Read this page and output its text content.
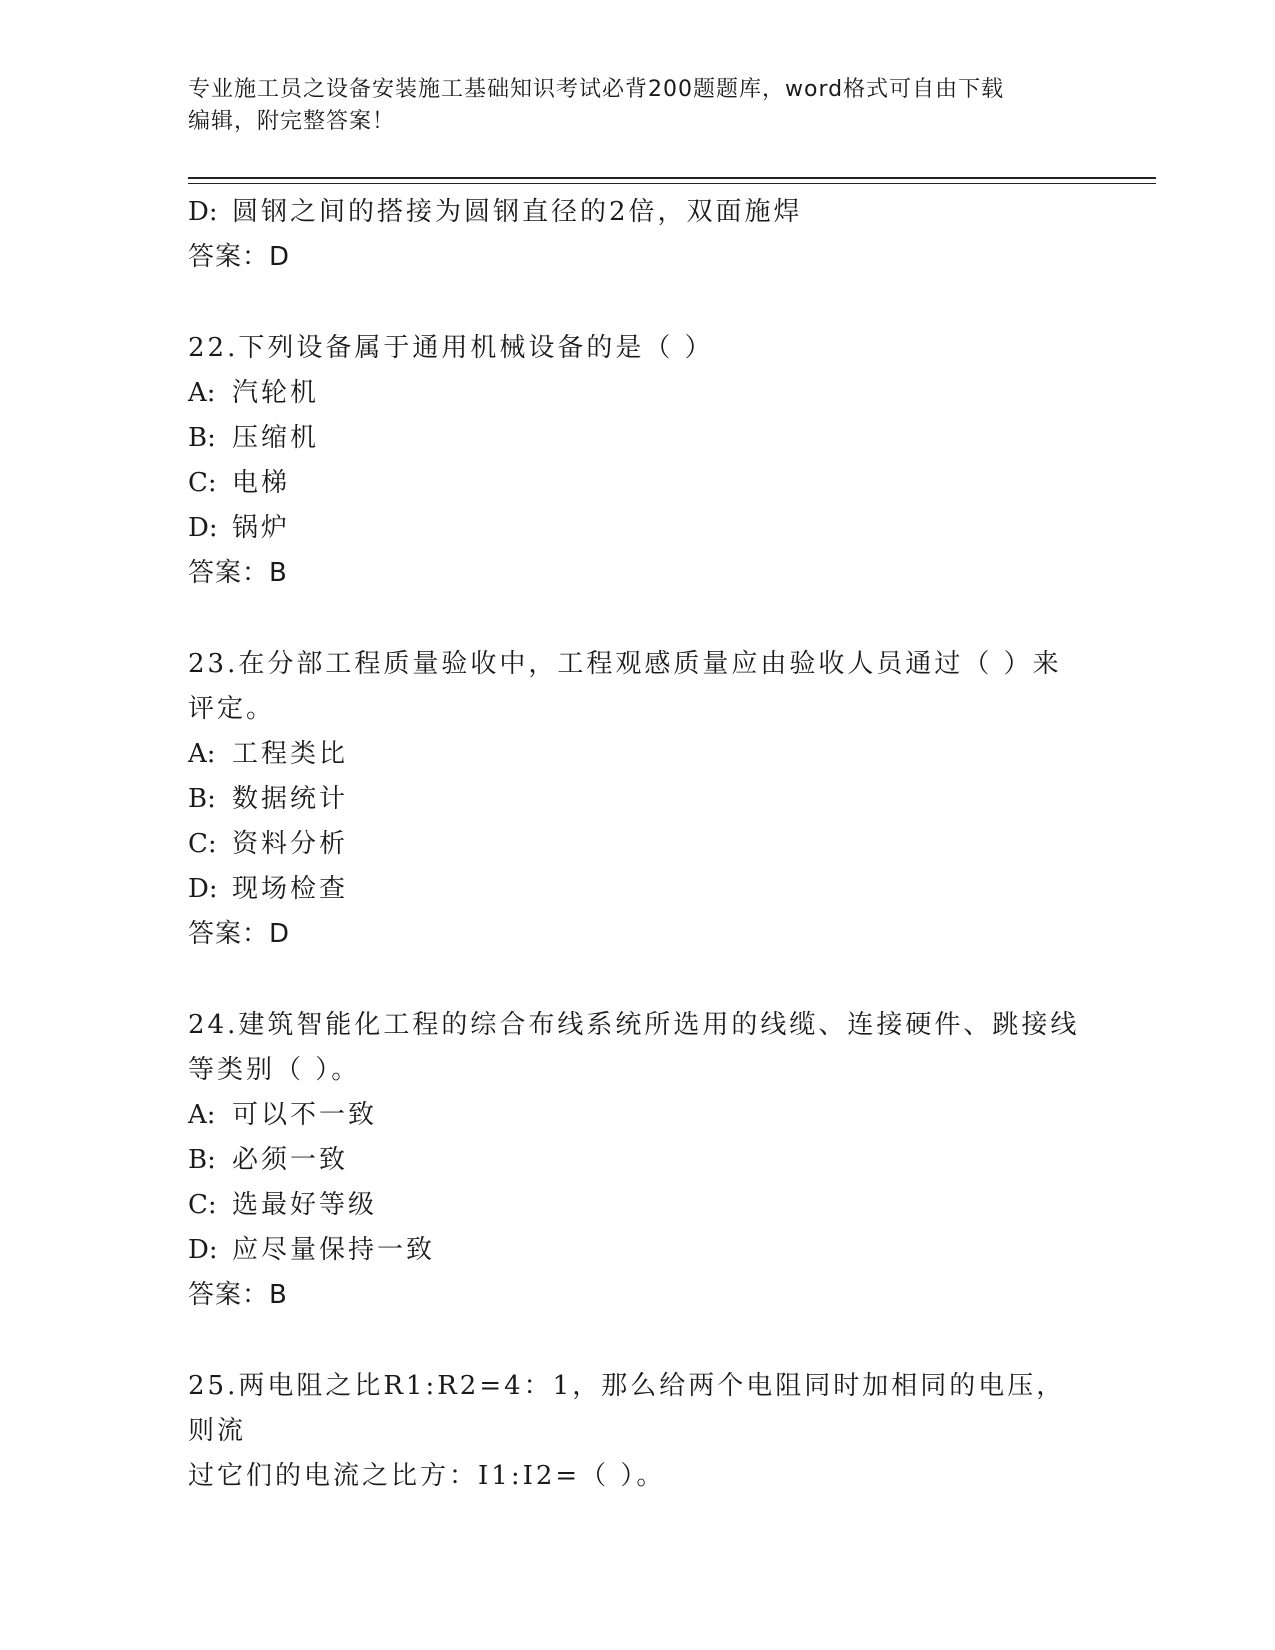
专业施工员之设备安装施工基础知识考试必背200题题库，word格式可自由下载
编辑，附完整答案！
D: 圆钢之间的搭接为圆钢直径的2倍，双面施焊
答案：D
22.下列设备属于通用机械设备的是（ ）
A: 汽轮机
B: 压缩机
C: 电梯
D: 锅炉
答案：B
23.在分部工程质量验收中，工程观感质量应由验收人员通过（ ）来
评定。
A: 工程类比
B: 数据统计
C: 资料分析
D: 现场检查
答案：D
24.建筑智能化工程的综合布线系统所选用的线缆、连接硬件、跳接线
等类别（ ）。
A: 可以不一致
B: 必须一致
C: 选最好等级
D: 应尽量保持一致
答案：B
25.两电阻之比R1:R2=4：1，那么给两个电阻同时加相同的电压，则流
过它们的电流之比方：I1:I2=（ ）。
